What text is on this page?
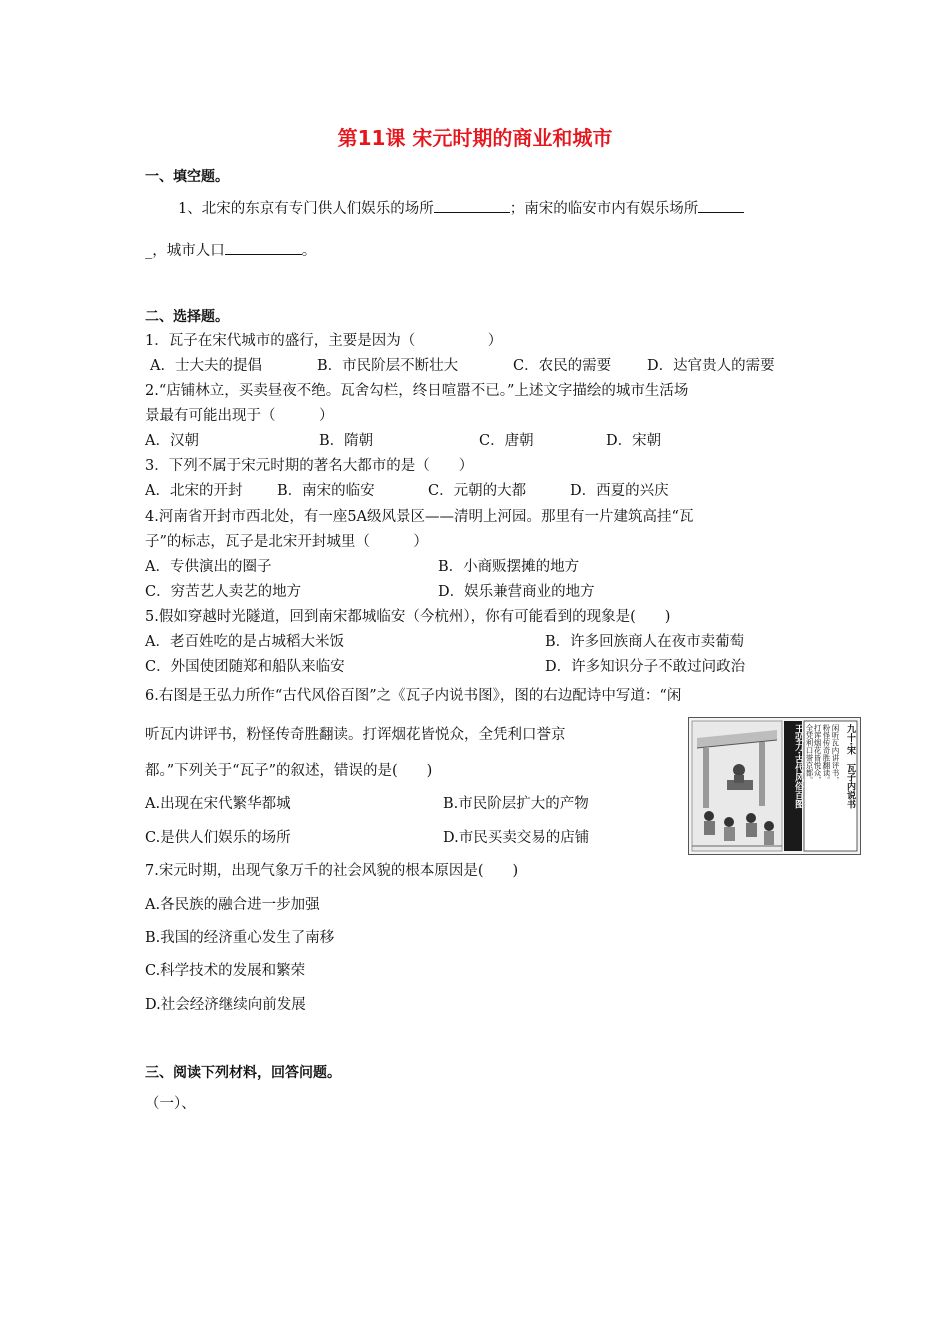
第11课 宋元时期的商业和城市
一、填空题。
1、北宋的东京有专门供人们娱乐的场所	；南宋的临安市内有娱乐场所
_，城市人口	。
二、选择题。
1．瓦子在宋代城市的盛行，主要是因为（　　　　　）
A．士大夫的提倡	B．市民阶层不断壮大	C．农民的需要 D．达官贵人的需要
2.“店铺林立，买卖昼夜不绝。瓦舍勾栏，终日喧嚣不已。”上述文字描绘的城市生活场
景最有可能出现于（　　　）
A．汉朝	B．隋朝	C．唐朝	D．宋朝
3．下列不属于宋元时期的著名大都市的是（　　）
A．北宋的开封 B．南宋的临安	C．元朝的大都	D．西夏的兴庆
4.河南省开封市西北处，有一座5A级风景区——清明上河园。那里有一片建筑高挂“瓦
子”的标志，瓦子是北宋开封城里（　　　）
A．专供演出的圈子	B．小商贩摆摊的地方
C．穷苦艺人卖艺的地方	D．娱乐兼营商业的地方
5.假如穿越时光隧道，回到南宋都城临安（今杭州），你有可能看到的现象是(　　)
A．老百姓吃的是占城稻大米饭	B．许多回族商人在夜市卖葡萄
C．外国使团随郑和船队来临安	D．许多知识分子不敢过问政治
6.右图是王弘力所作“古代风俗百图”之《瓦子内说书图》，图的右边配诗中写道：“闲
听瓦内讲评书，粉怪传奇胜翻读。打诨烟花皆悦众，全凭利口誉京
都。”下列关于“瓦子”的叙述，错误的是(　　)
A.出现在宋代繁华都城	B.市民阶层扩大的产物
C.是供人们娱乐的场所	D.市民买卖交易的店铺
7.宋元时期，出现气象万千的社会风貌的根本原因是(　　)
A.各民族的融合进一步加强
B.我国的经济重心发生了南移
C.科学技术的发展和繁荣
D.社会经济继续向前发展
三、阅读下列材料，回答问题。
（一）、
王弘力·古代风俗百图	九十·宋　瓦子内说书
闲听瓦内讲评书，
粉怪传奇胜翻读。
打诨烟花皆悦众，
全凭利口誉京都。
